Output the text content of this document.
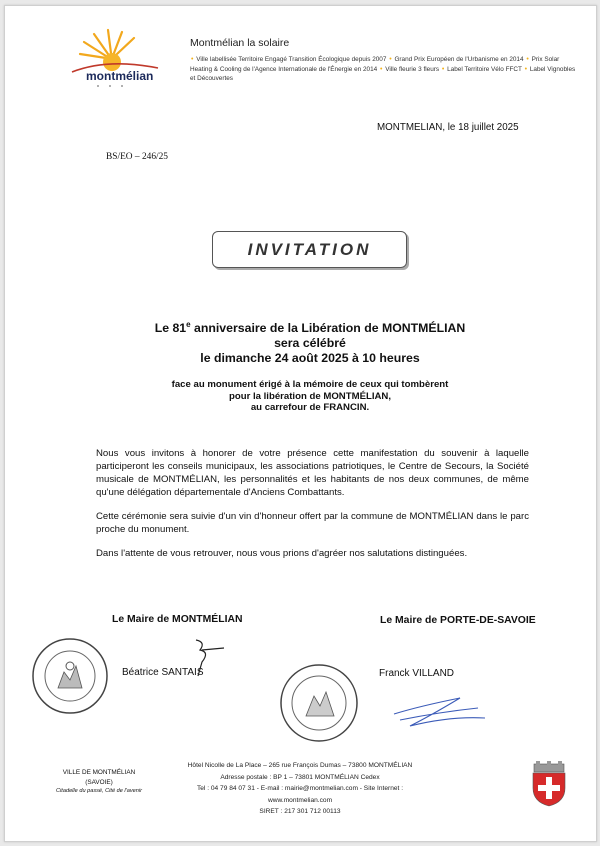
montmélian
Montmélian la solaire
• Ville labellisée Territoire Engagé Transition Écologique depuis 2007 • Grand Prix Européen de l'Urbanisme en 2014 • Prix Solar Heating & Cooling de l'Agence Internationale de l'Énergie en 2014 • Ville fleurie 3 fleurs • Label Territoire Vélo FFCT • Label Vignobles et Découvertes
MONTMELIAN, le 18 juillet 2025
BS/EO – 246/25
INVITATION
Le 81e anniversaire de la Libération de MONTMÉLIAN
sera célébré
le dimanche 24 août 2025 à 10 heures
face au monument érigé à la mémoire de ceux qui tombèrent
pour la libération de MONTMÉLIAN,
au carrefour de FRANCIN.

Nous vous invitons à honorer de votre présence cette manifestation du souvenir à laquelle participeront les conseils municipaux, les associations patriotiques, le Centre de Secours, la Société musicale de MONTMÉLIAN, les personnalités et les habitants de nos deux communes, de même qu'une délégation départementale d'Anciens Combattants.

Cette cérémonie sera suivie d'un vin d'honneur offert par la commune de MONTMÉLIAN dans le parc proche du monument.

Dans l'attente de vous retrouver, nous vous prions d'agréer nos salutations distinguées.

Le Maire de MONTMÉLIAN	Le Maire de PORTE-DE-SAVOIE
Béatrice SANTAIS	Franck VILLAND
VILLE DE MONTMÉLIAN
(SAVOIE)
Citadelle du passé, Cité de l'avenir
Hôtel Nicolle de La Place – 265 rue François Dumas – 73800 MONTMÉLIAN
Adresse postale : BP 1 – 73801 MONTMÉLIAN Cedex
Tel : 04 79 84 07 31 - E-mail : mairie@montmelian.com - Site Internet : www.montmelian.com
SIRET : 217 301 712 00113
